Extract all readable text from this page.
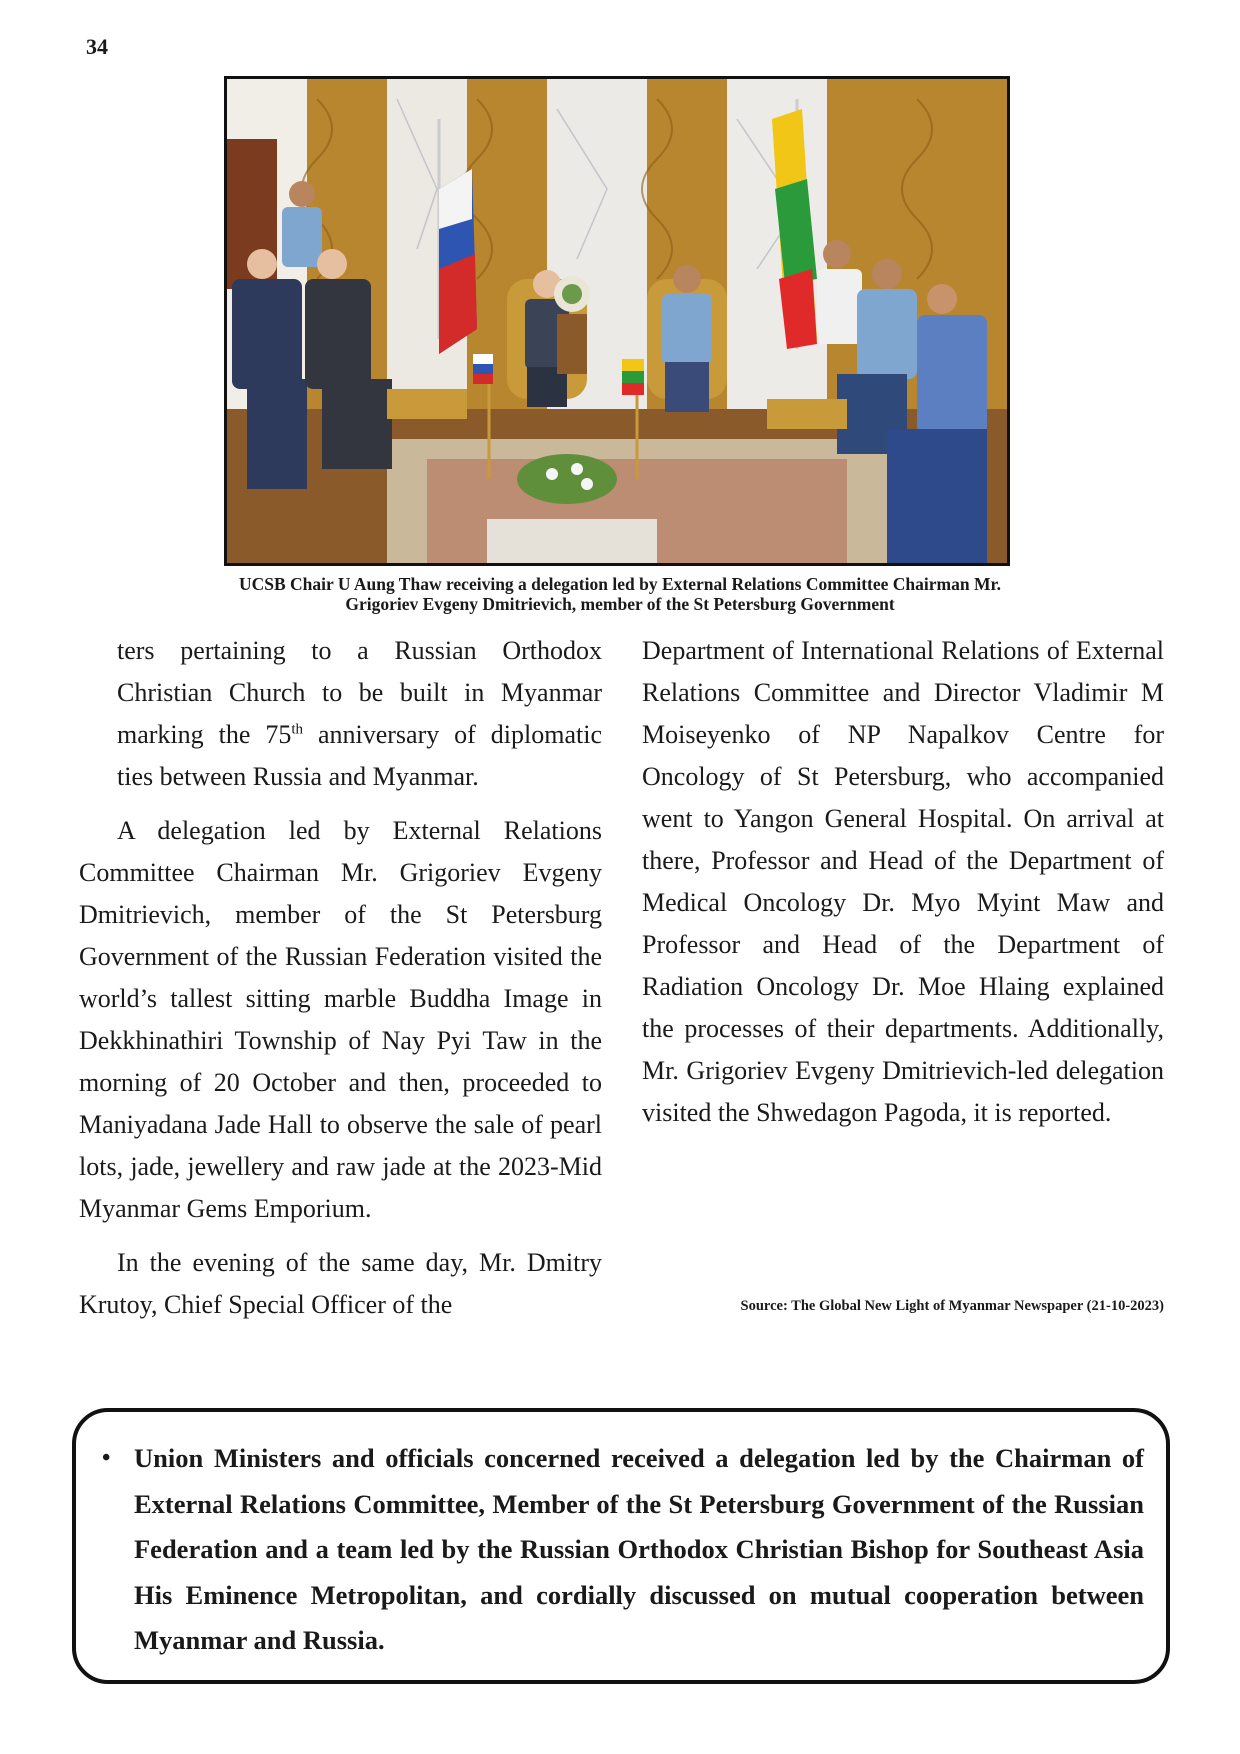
34
UCSB Chair U Aung Thaw receiving a delegation led by External Relations Committee Chairman Mr.
Grigoriev Evgeny Dmitrievich, member of the St Petersburg Government

ters pertaining to a Russian Orthodox Christian Church to be built in Myanmar marking the 75th anniversary of diplomatic ties between Russia and Myanmar.

A delegation led by External Relations Committee Chairman Mr. Grigoriev Evgeny Dmitrievich, member of the St Petersburg Government of the Russian Federation visited the world’s tallest sitting marble Buddha Image in Dekkhinathiri Township of Nay Pyi Taw in the morning of 20 October and then, proceeded to Maniyadana Jade Hall to observe the sale of pearl lots, jade, jewellery and raw jade at the 2023-Mid Myanmar Gems Emporium.

In the evening of the same day, Mr. Dmitry Krutoy, Chief Special Officer of the

Department of International Relations of External Relations Committee and Director Vladimir M Moiseyenko of NP Napalkov Centre for Oncology of St Petersburg, who accompanied went to Yangon General Hospital. On arrival at there, Professor and Head of the Department of Medical Oncology Dr. Myo Myint Maw and Professor and Head of the Department of Radiation Oncology Dr. Moe Hlaing explained the processes of their departments. Additionally, Mr. Grigoriev Evgeny Dmitrievich-led delegation visited the Shwedagon Pagoda, it is reported.

Source: The Global New Light of Myanmar Newspaper (21-10-2023)
• Union Ministers and officials concerned received a delegation led by the Chairman of External Relations Committee, Member of the St Petersburg Government of the Russian Federation and a team led by the Russian Orthodox Christian Bishop for Southeast Asia His Eminence Metropolitan, and cordially discussed on mutual cooperation between Myanmar and Russia.
